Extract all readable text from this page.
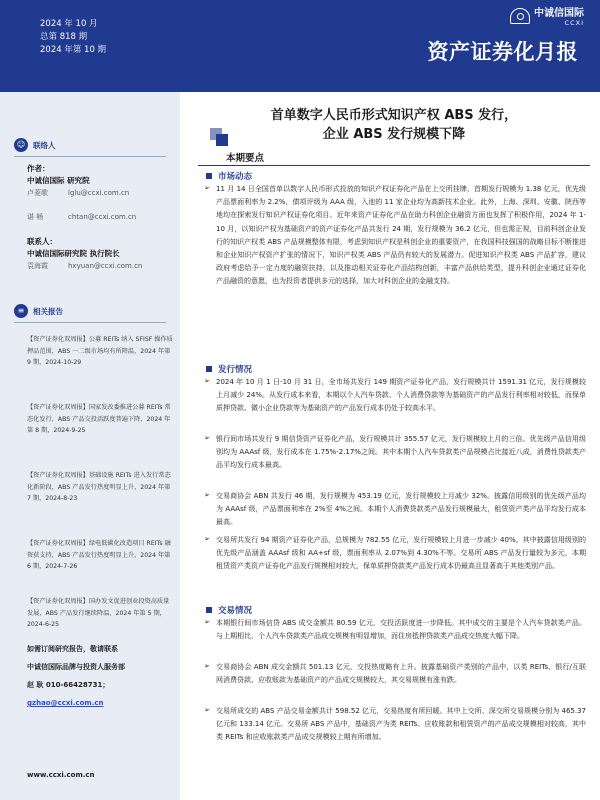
2024 年 10 月
总第 818 期
2024 年第 10 期
中诚信国际
CCXI
资产证券化月报
☺	联络人
作者：
中诚信国际 研究院
卢菱歌	lglu@ccxi.com.cn
谌 畅	chtan@ccxi.com.cn
联系人：
中诚信国际研究院 执行院长
袁海霞	hxyuan@ccxi.com.cn
≡	相关报告
【资产证券化双周报】公募 REITs 纳入 SFISF 操作质押品范围，ABS 一二级市场均有所降温，2024 年第 9 期，2024-10-29
【资产证券化双周报】国家发改委推进公募 REITs 常态化发行，ABS 产品交投活跃度普遍下降，2024 年第 8 期，2024-9-25
【资产证券化双周报】基础设施 REITs 进入发行常态化新阶段，ABS 产品发行热度明显上升，2024 年第 7 期，2024-8-23
【资产证券化双周报】绿电低碳化改造项目 REITs 融资获支持，ABS 产品发行热度明显上升，2024 年第 6 期，2024-7-26
【资产证券化双周报】国办发文促进创业投资高质量发展，ABS 产品发行继续降温，2024 年第 5 期，2024-6-25
如需订阅研究报告，敬请联系
中诚信国际品牌与投资人服务部
赵 耿 010-66428731；
gzhao@ccxi.com.cn
www.ccxi.com.cn
首单数字人民币形式知识产权 ABS 发行，
企业 ABS 发行规模下降
本期要点
市场动态
➢ 11 月 14 日全国首单以数字人民币形式投放的知识产权证券化产品在上交所挂牌，首期发行规模为 1.38 亿元，优先级产品票面利率为 2.2%，债项评级为 AAA 级，入池的 11 家企业均为高新技术企业。此外，上海、深圳、安徽、陕西等地均在探索发行知识产权证券化项目。近年来资产证券化产品在助力科创企业融资方面也发挥了积极作用，2024 年 1-10 月，以知识产权为基础资产的资产证券化产品共发行 24 期，发行规模为 36.2 亿元，但也需正视，目前科创企业发行的知识产权类 ABS 产品规模整体有限，考虑到知识产权是科创企业的重要资产，在我国科技强国的战略目标不断推进和企业知识产权资产扩张的情况下，知识产权类 ABS 产品仍有较大的发展潜力。促进知识产权类 ABS 产品扩容，建议政府考虑给予一定力度的融资扶持，以及推动相关证券化产品结构创新，丰富产品供给类型，提升科创企业通过证券化产品融资的意愿，也为投资者提供多元的选择，加大对科创企业的金融支持。
发行情况
➢ 2024 年 10 月 1 日-10 月 31 日，全市场共发行 149 期资产证券化产品，发行规模共计 1591.31 亿元，发行规模较上月减少 24%。从发行成本来看，本期以个人汽车贷款、个人消费贷款等为基础资产的产品发行利率相对较低，而保单质押贷款、微小企业贷款等为基础资产的产品发行成本仍处于较高水平。
➢ 银行间市场共发行 9 期信贷资产证券化产品，发行规模共计 355.57 亿元，发行规模较上月的三倍。优先级产品信用级别均为 AAAsf 级，发行成本在 1.75%-2.17%之间。其中本期个人汽车贷款类产品规模占比接近八成，消费性贷款类产品平均发行成本最高。
➢ 交易商协会 ABN 共发行 46 期，发行规模为 453.19 亿元，发行规模较上月减少 32%。披露信用级别的优先级产品均为 AAAsf 级，产品票面利率在 2%至 4%之间。本期个人消费贷款类产品发行规模最大，租赁资产类产品平均发行成本最高。
➢ 交易所共发行 94 期资产证券化产品，总规模为 782.55 亿元，发行规模较上月进一步减少 40%。其中披露信用级别的优先级产品涵盖 AAAsf 级和 AA+sf 级，票面利率从 2.07%到 4.30%不等。交易所 ABS 产品发行量较为多元，本期租赁资产类资产证券化产品发行规模相对较大，保单质押贷款类产品发行成本仍最高且显著高于其他类别产品。
交易情况
➢ 本期银行间市场信贷 ABS 成交金额共 80.59 亿元，交投活跃度进一步降低。其中成交的主要是个人汽车贷款类产品。与上期相比，个人汽车贷款类产品成交规模有明显增加，而住房抵押贷款类产品成交热度大幅下降。
➢ 交易商协会 ABN 成交金额共 501.13 亿元，交投热度略有上升。披露基础资产类别的产品中，以类 REITs、银行/互联网消费贷款、应收账款为基础资产的产品成交规模较大，其交易规模有涨有跌。
➢ 交易所成交的 ABS 产品交易金额共计 598.52 亿元，交易热度有所回暖。其中上交所、深交所交易规模分别为 465.37 亿元和 133.14 亿元。交易所 ABS 产品中，基础资产为类 REITs、应收账款和租赁资产的产品成交规模相对较高，其中类 REITs 和应收账款类产品成交规模较上期有所增加。
